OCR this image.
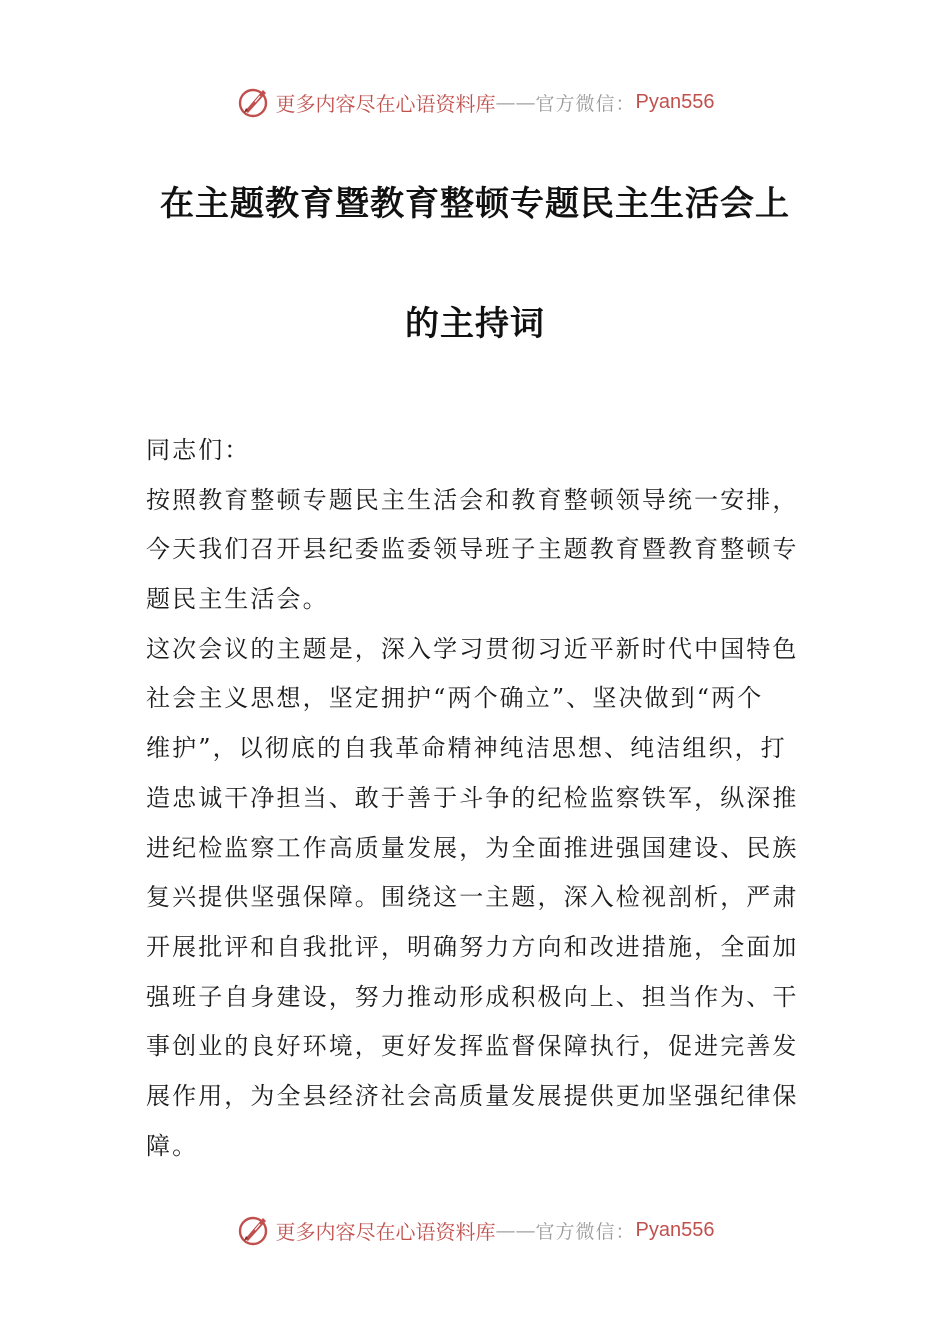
更多内容尽在心语资料库 —— 官方微信： Pyan556
在主题教育暨教育整顿专题民主生活会上
的主持词
同志们：
按照教育整顿专题民主生活会和教育整顿领导统一安排，
今天我们召开县纪委监委领导班子主题教育暨教育整顿专
题民主生活会。
这次会议的主题是，深入学习贯彻习近平新时代中国特色
社会主义思想，坚定拥护“两个确立”、坚决做到“两个
维护”，以彻底的自我革命精神纯洁思想、纯洁组织，打
造忠诚干净担当、敢于善于斗争的纪检监察铁军，纵深推
进纪检监察工作高质量发展，为全面推进强国建设、民族
复兴提供坚强保障。围绕这一主题，深入检视剖析，严肃
开展批评和自我批评，明确努力方向和改进措施，全面加
强班子自身建设，努力推动形成积极向上、担当作为、干
事创业的良好环境，更好发挥监督保障执行，促进完善发
展作用，为全县经济社会高质量发展提供更加坚强纪律保
障。
更多内容尽在心语资料库 —— 官方微信： Pyan556
